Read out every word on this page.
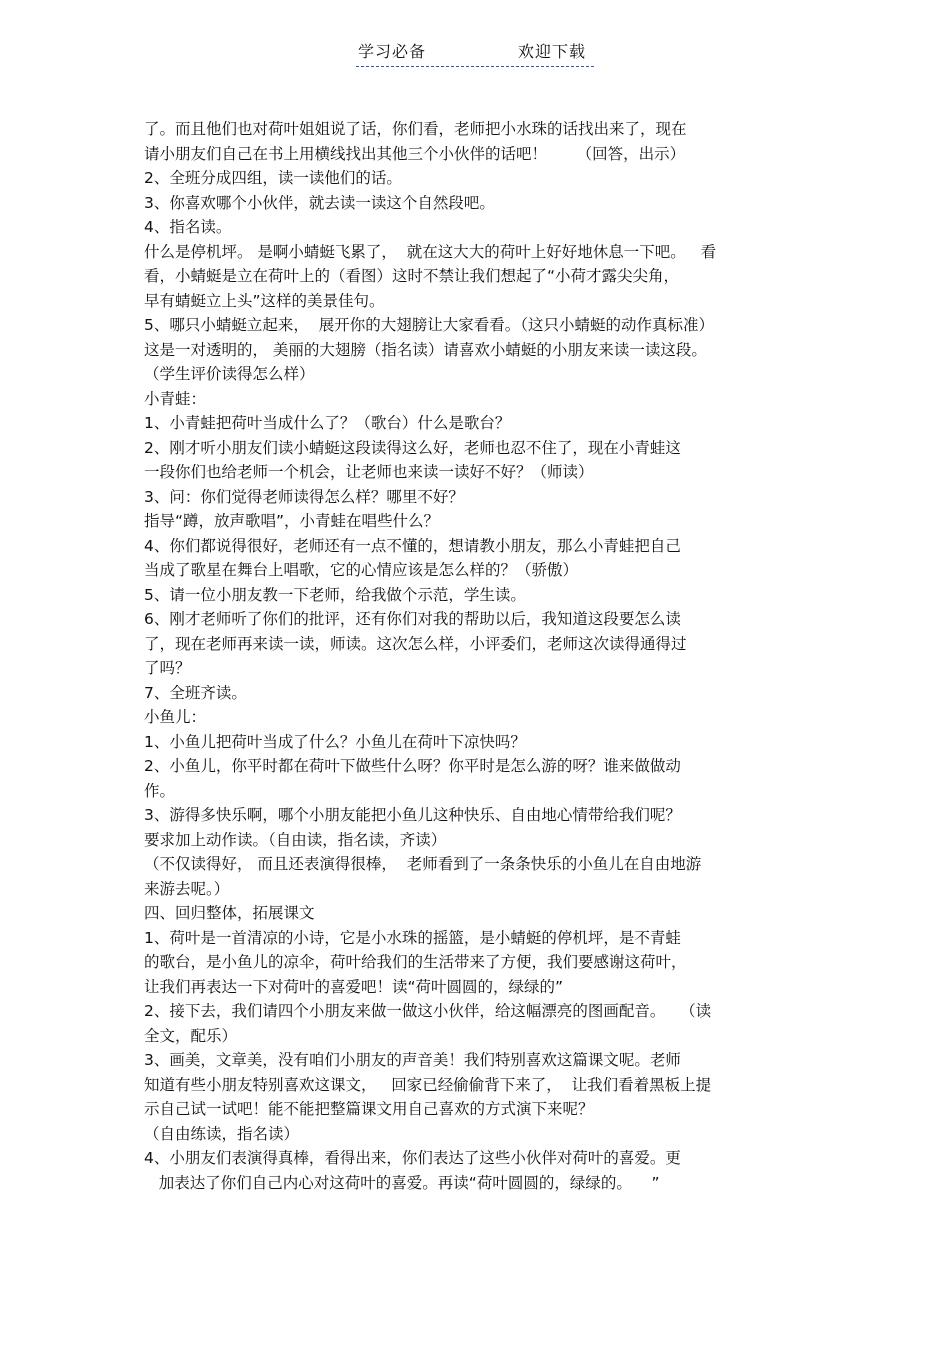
学习必备	欢迎下载
了。而且他们也对荷叶姐姐说了话，你们看，老师把小水珠的话找出来了，现在
请小朋友们自己在书上用横线找出其他三个小伙伴的话吧！      （回答，出示）
2、全班分成四组，读一读他们的话。
3、你喜欢哪个小伙伴，就去读一读这个自然段吧。
4、指名读。
什么是停机坪。 是啊小蜻蜓飞累了，  就在这大大的荷叶上好好地休息一下吧。   看
看，小蜻蜓是立在荷叶上的（看图）这时不禁让我们想起了“小荷才露尖尖角，
早有蜻蜓立上头”这样的美景佳句。
5、哪只小蜻蜓立起来，  展开你的大翅膀让大家看看。（这只小蜻蜓的动作真标准）
这是一对透明的， 美丽的大翅膀（指名读）请喜欢小蜻蜓的小朋友来读一读这段。
（学生评价读得怎么样）
小青蛙：
1、小青蛙把荷叶当成什么了？（歌台）什么是歌台？
2、刚才听小朋友们读小蜻蜓这段读得这么好，老师也忍不住了，现在小青蛙这
一段你们也给老师一个机会，让老师也来读一读好不好？（师读）
3、问：你们觉得老师读得怎么样？哪里不好？
指导“蹲，放声歌唱”，小青蛙在唱些什么？
4、你们都说得很好，老师还有一点不懂的，想请教小朋友，那么小青蛙把自己
当成了歌星在舞台上唱歌，它的心情应该是怎么样的？（骄傲）
5、请一位小朋友教一下老师，给我做个示范，学生读。
6、刚才老师听了你们的批评，还有你们对我的帮助以后，我知道这段要怎么读
了，现在老师再来读一读，师读。这次怎么样，小评委们，老师这次读得通得过
了吗？
7、全班齐读。
小鱼儿：
1、小鱼儿把荷叶当成了什么？小鱼儿在荷叶下凉快吗？
2、小鱼儿，你平时都在荷叶下做些什么呀？你平时是怎么游的呀？谁来做做动
作。
3、游得多快乐啊，哪个小朋友能把小鱼儿这种快乐、自由地心情带给我们呢？
要求加上动作读。（自由读，指名读，齐读）
（不仅读得好， 而且还表演得很棒，  老师看到了一条条快乐的小鱼儿在自由地游
来游去呢。）
四、回归整体，拓展课文
1、荷叶是一首清凉的小诗，它是小水珠的摇篮，是小蜻蜓的停机坪，是不青蛙
的歌台，是小鱼儿的凉伞，荷叶给我们的生活带来了方便，我们要感谢这荷叶，
让我们再表达一下对荷叶的喜爱吧！读“荷叶圆圆的，绿绿的”
2、接下去，我们请四个小朋友来做一做这小伙伴，给这幅漂亮的图画配音。   （读
全文，配乐）
3、画美，文章美，没有咱们小朋友的声音美！我们特别喜欢这篇课文呢。老师
知道有些小朋友特别喜欢这课文，   回家已经偷偷背下来了，  让我们看着黑板上提
示自己试一试吧！能不能把整篇课文用自己喜欢的方式演下来呢？
（自由练读，指名读）
4、小朋友们表演得真棒，看得出来，你们表达了这些小伙伴对荷叶的喜爱。更
加表达了你们自己内心对这荷叶的喜爱。再读“荷叶圆圆的，绿绿的。    ”
